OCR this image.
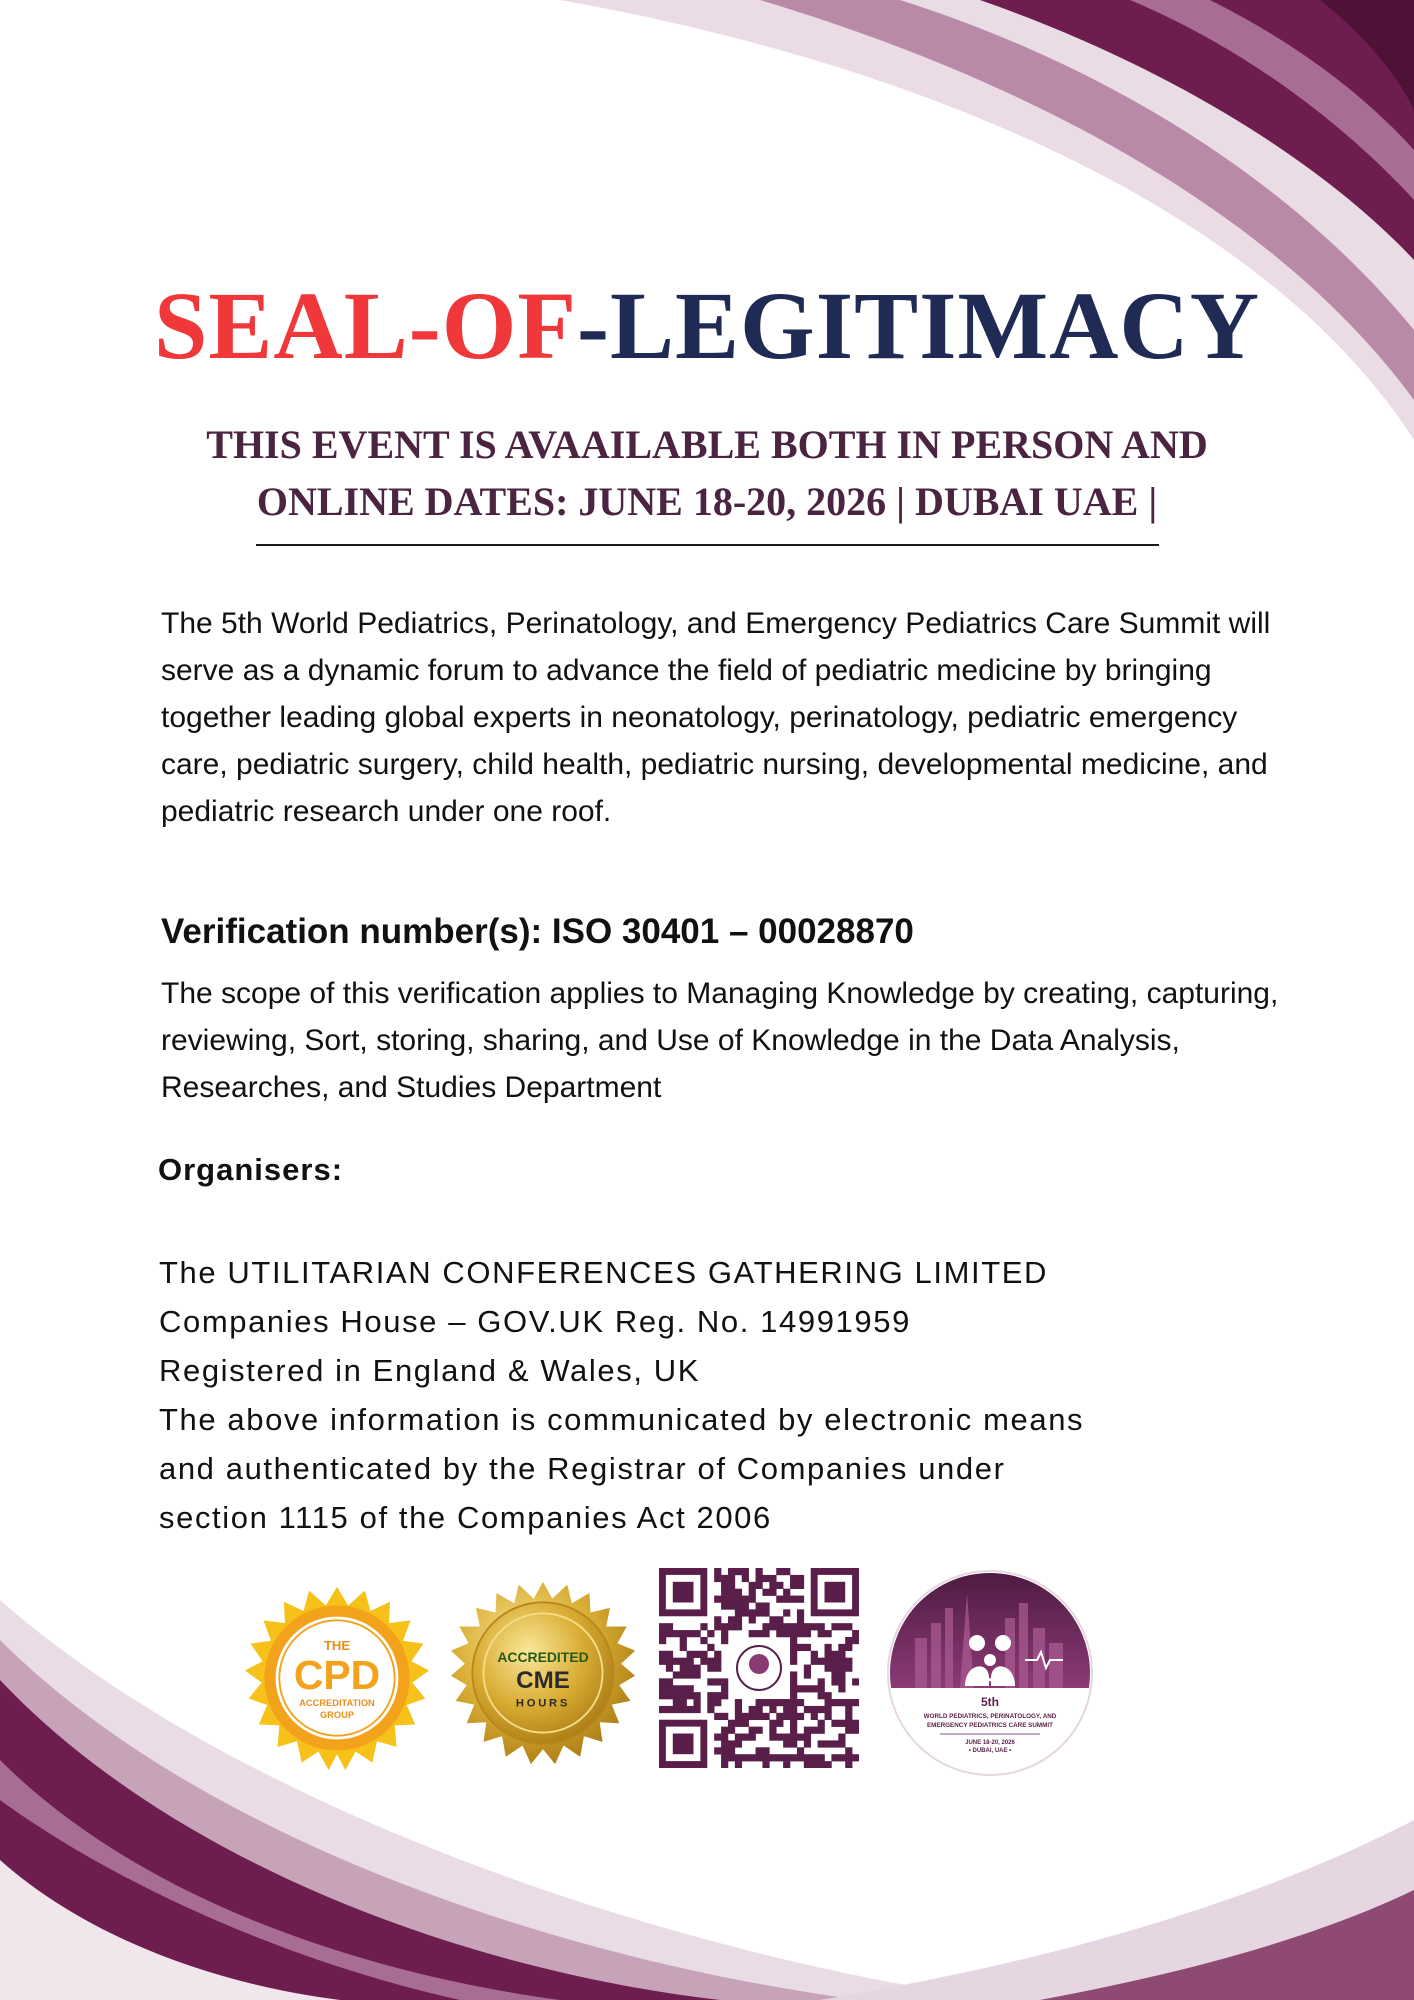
SEAL-OF-LEGITIMACY
THIS EVENT IS AVAAILABLE BOTH IN PERSON AND
ONLINE DATES: JUNE 18-20, 2026 | DUBAI UAE |

The 5th World Pediatrics, Perinatology, and Emergency Pediatrics Care Summit will serve as a dynamic forum to advance the field of pediatric medicine by bringing together leading global experts in neonatology, perinatology, pediatric emergency care, pediatric surgery, child health, pediatric nursing, developmental medicine, and pediatric research under one roof.

Verification number(s): ISO 30401 – 00028870

The scope of this verification applies to Managing Knowledge by creating, capturing, reviewing, Sort, storing, sharing, and Use of Knowledge in the Data Analysis, Researches, and Studies Department

Organisers:

The UTILITARIAN CONFERENCES GATHERING LIMITED
Companies House – GOV.UK Reg. No. 14991959
Registered in England & Wales, UK
The above information is communicated by electronic means
and authenticated by the Registrar of Companies under
section 1115 of the Companies Act 2006

THE
CPD
ACCREDITATION
GROUP
ACCREDITED
CME
HOURS	5th
WORLD PEDIATRICS, PERINATOLOGY, AND
EMERGENCY PEDIATRICS CARE SUMMIT
JUNE 18-20, 2026
• DUBAI, UAE •
